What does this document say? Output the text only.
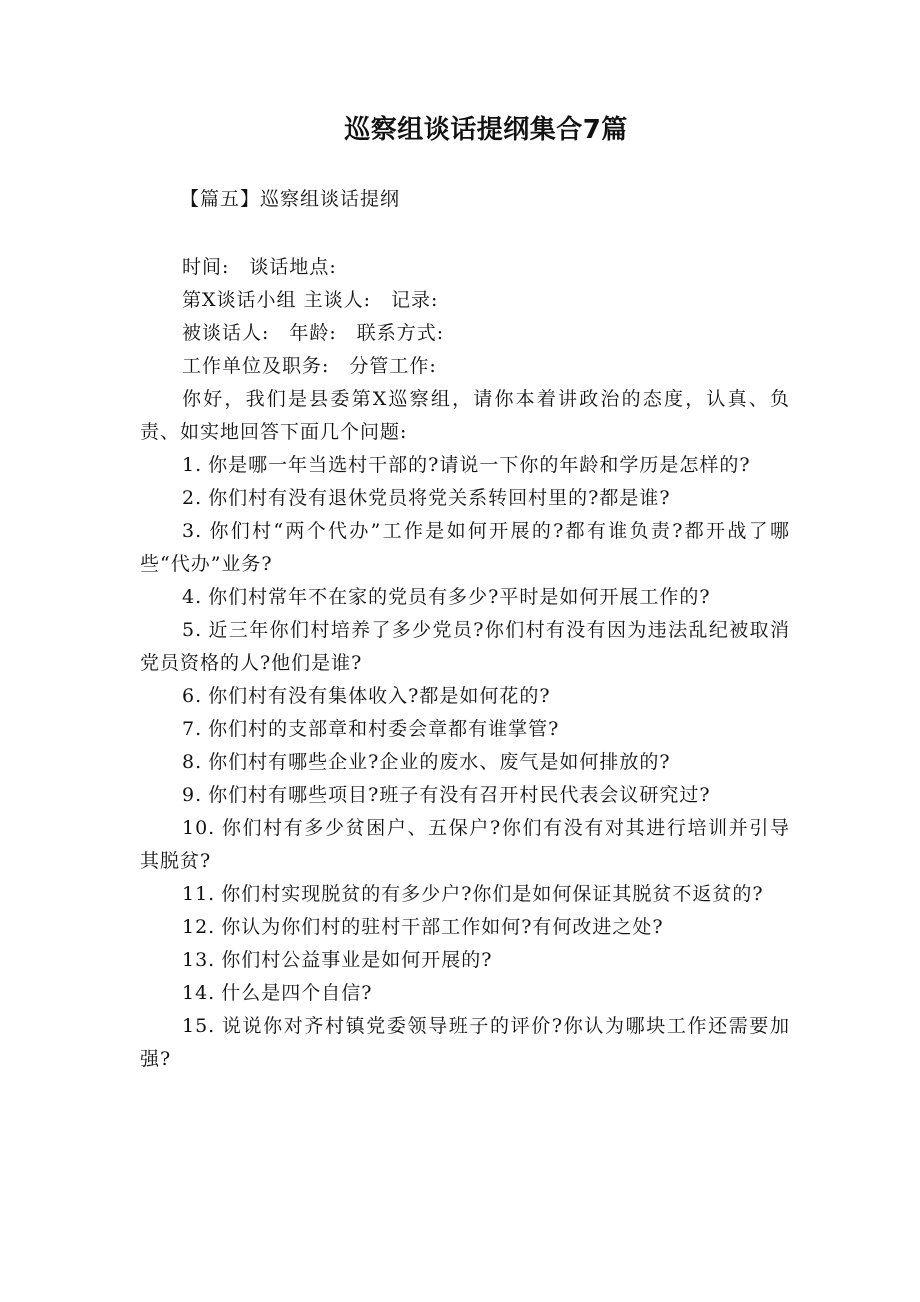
巡察组谈话提纲集合7篇

【篇五】巡察组谈话提纲

时间:　谈话地点:

第X谈话小组 主谈人:　记录:

被谈话人:　年龄:　联系方式:

工作单位及职务:　分管工作:

你好，我们是县委第X巡察组，请你本着讲政治的态度，认真、负责、如实地回答下面几个问题:

1. 你是哪一年当选村干部的?请说一下你的年龄和学历是怎样的?

2. 你们村有没有退休党员将党关系转回村里的?都是谁?

3. 你们村“两个代办”工作是如何开展的?都有谁负责?都开战了哪些“代办”业务?

4. 你们村常年不在家的党员有多少?平时是如何开展工作的?

5. 近三年你们村培养了多少党员?你们村有没有因为违法乱纪被取消党员资格的人?他们是谁?

6. 你们村有没有集体收入?都是如何花的?

7. 你们村的支部章和村委会章都有谁掌管?

8. 你们村有哪些企业?企业的废水、废气是如何排放的?

9. 你们村有哪些项目?班子有没有召开村民代表会议研究过?

10. 你们村有多少贫困户、五保户?你们有没有对其进行培训并引导其脱贫?

11. 你们村实现脱贫的有多少户?你们是如何保证其脱贫不返贫的?

12. 你认为你们村的驻村干部工作如何?有何改进之处?

13. 你们村公益事业是如何开展的?

14. 什么是四个自信?

15. 说说你对齐村镇党委领导班子的评价?你认为哪块工作还需要加强?
